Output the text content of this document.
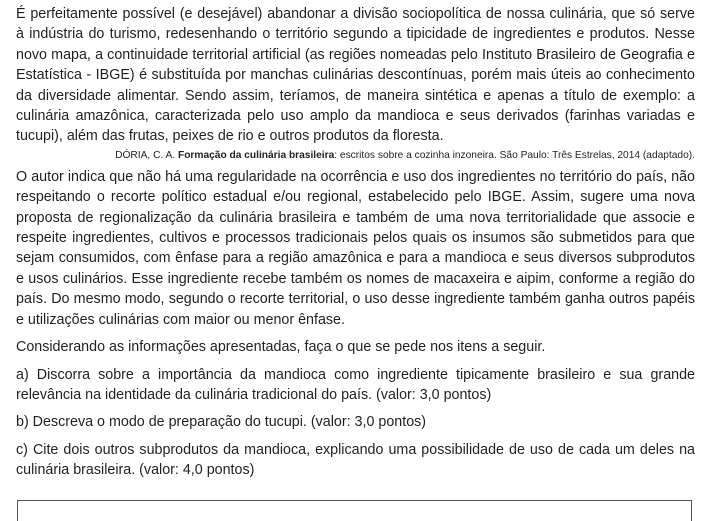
É perfeitamente possível (e desejável) abandonar a divisão sociopolítica de nossa culinária, que só serve à indústria do turismo, redesenhando o território segundo a tipicidade de ingredientes e produtos. Nesse novo mapa, a continuidade territorial artificial (as regiões nomeadas pelo Instituto Brasileiro de Geografia e Estatística - IBGE) é substituída por manchas culinárias descontínuas, porém mais úteis ao conhecimento da diversidade alimentar. Sendo assim, teríamos, de maneira sintética e apenas a título de exemplo: a culinária amazônica, caracterizada pelo uso amplo da mandioca e seus derivados (farinhas variadas e tucupi), além das frutas, peixes de rio e outros produtos da floresta.

DÓRIA, C. A. Formação da culinária brasileira: escritos sobre a cozinha inzoneira. São Paulo: Três Estrelas, 2014 (adaptado).

O autor indica que não há uma regularidade na ocorrência e uso dos ingredientes no território do país, não respeitando o recorte político estadual e/ou regional, estabelecido pelo IBGE. Assim, sugere uma nova proposta de regionalização da culinária brasileira e também de uma nova territorialidade que associe e respeite ingredientes, cultivos e processos tradicionais pelos quais os insumos são submetidos para que sejam consumidos, com ênfase para a região amazônica e para a mandioca e seus diversos subprodutos e usos culinários. Esse ingrediente recebe também os nomes de macaxeira e aipim, conforme a região do país. Do mesmo modo, segundo o recorte territorial, o uso desse ingrediente também ganha outros papéis e utilizações culinárias com maior ou menor ênfase.

Considerando as informações apresentadas, faça o que se pede nos itens a seguir.

a) Discorra sobre a importância da mandioca como ingrediente tipicamente brasileiro e sua grande relevância na identidade da culinária tradicional do país. (valor: 3,0 pontos)

b) Descreva o modo de preparação do tucupi. (valor: 3,0 pontos)

c) Cite dois outros subprodutos da mandioca, explicando uma possibilidade de uso de cada um deles na culinária brasileira. (valor: 4,0 pontos)
